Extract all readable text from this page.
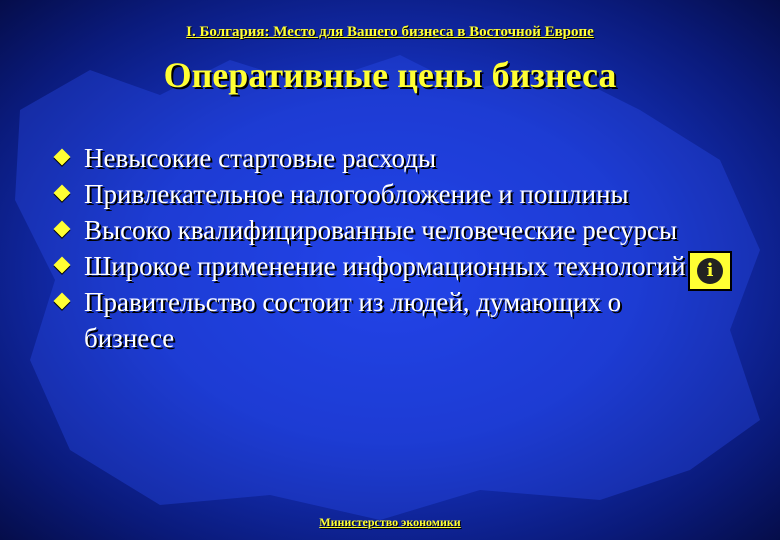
I. Болгария: Место для Вашего бизнеса в Восточной Европе
Оперативные цены бизнеса
Невысокие стартовые расходы
Привлекательное налогообложение и пошлины
Высоко квалифицированные человеческие ресурсы
Широкое применение информационных технологий
Правительство состоит из людей, думающих о бизнесе
i
Министерство экономики
